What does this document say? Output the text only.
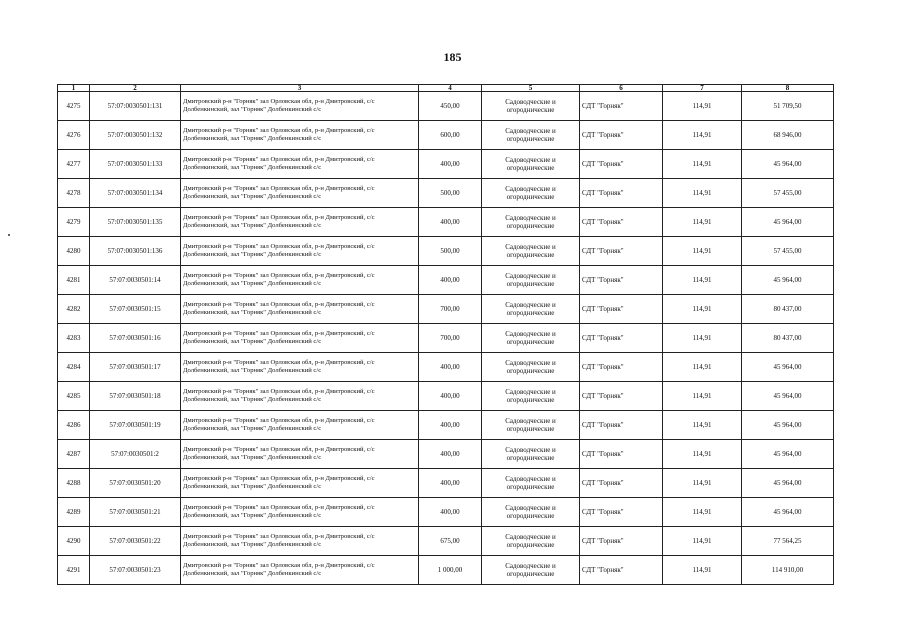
185
1	2	3	4	5	6	7	8
4275	57:07:0030501:131	Дмитровский р-н "Горняк" зал Орловская обл, р-н Дмитровский, с/с Долбенкинский, зал "Горняк" Долбенкинский с/с	450,00	Садоводческие и огороднические	СДТ "Горняк"	114,91	51 709,50
4276	57:07:0030501:132	Дмитровский р-н "Горняк" зал Орловская обл, р-н Дмитровский, с/с Долбенкинский, зал "Горняк" Долбенкинский с/с	600,00	Садоводческие и огороднические	СДТ "Горняк"	114,91	68 946,00
4277	57:07:0030501:133	Дмитровский р-н "Горняк" зал Орловская обл, р-н Дмитровский, с/с Долбенкинский, зал "Горняк" Долбенкинский с/с	400,00	Садоводческие и огороднические	СДТ "Горняк"	114,91	45 964,00
4278	57:07:0030501:134	Дмитровский р-н "Горняк" зал Орловская обл, р-н Дмитровский, с/с Долбенкинский, зал "Горняк" Долбенкинский с/с	500,00	Садоводческие и огороднические	СДТ "Горняк"	114,91	57 455,00
4279	57:07:0030501:135	Дмитровский р-н "Горняк" зал Орловская обл, р-н Дмитровский, с/с Долбенкинский, зал "Горняк" Долбенкинский с/с	400,00	Садоводческие и огороднические	СДТ "Горняк"	114,91	45 964,00
4280	57:07:0030501:136	Дмитровский р-н "Горняк" зал Орловская обл, р-н Дмитровский, с/с Долбенкинский, зал "Горняк" Долбенкинский с/с	500,00	Садоводческие и огороднические	СДТ "Горняк"	114,91	57 455,00
4281	57:07:0030501:14	Дмитровский р-н "Горняк" зал Орловская обл, р-н Дмитровский, с/с Долбенкинский, зал "Горняк" Долбенкинский с/с	400,00	Садоводческие и огороднические	СДТ "Горняк"	114,91	45 964,00
4282	57:07:0030501:15	Дмитровский р-н "Горняк" зал Орловская обл, р-н Дмитровский, с/с Долбенкинский, зал "Горняк" Долбенкинский с/с	700,00	Садоводческие и огороднические	СДТ "Горняк"	114,91	80 437,00
4283	57:07:0030501:16	Дмитровский р-н "Горняк" зал Орловская обл, р-н Дмитровский, с/с Долбенкинский, зал "Горняк" Долбенкинский с/с	700,00	Садоводческие и огороднические	СДТ "Горняк"	114,91	80 437,00
4284	57:07:0030501:17	Дмитровский р-н "Горняк" зал Орловская обл, р-н Дмитровский, с/с Долбенкинский, зал "Горняк" Долбенкинский с/с	400,00	Садоводческие и огороднические	СДТ "Горняк"	114,91	45 964,00
4285	57:07:0030501:18	Дмитровский р-н "Горняк" зал Орловская обл, р-н Дмитровский, с/с Долбенкинский, зал "Горняк" Долбенкинский с/с	400,00	Садоводческие и огороднические	СДТ "Горняк"	114,91	45 964,00
4286	57:07:0030501:19	Дмитровский р-н "Горняк" зал Орловская обл, р-н Дмитровский, с/с Долбенкинский, зал "Горняк" Долбенкинский с/с	400,00	Садоводческие и огороднические	СДТ "Горняк"	114,91	45 964,00
4287	57:07:0030501:2	Дмитровский р-н "Горняк" зал Орловская обл, р-н Дмитровский, с/с Долбенкинский, зал "Горняк" Долбенкинский с/с	400,00	Садоводческие и огороднические	СДТ "Горняк"	114,91	45 964,00
4288	57:07:0030501:20	Дмитровский р-н "Горняк" зал Орловская обл, р-н Дмитровский, с/с Долбенкинский, зал "Горняк" Долбенкинский с/с	400,00	Садоводческие и огороднические	СДТ "Горняк"	114,91	45 964,00
4289	57:07:0030501:21	Дмитровский р-н "Горняк" зал Орловская обл, р-н Дмитровский, с/с Долбенкинский, зал "Горняк" Долбенкинский с/с	400,00	Садоводческие и огороднические	СДТ "Горняк"	114,91	45 964,00
4290	57:07:0030501:22	Дмитровский р-н "Горняк" зал Орловская обл, р-н Дмитровский, с/с Долбенкинский, зал "Горняк" Долбенкинский с/с	675,00	Садоводческие и огороднические	СДТ "Горняк"	114,91	77 564,25
4291	57:07:0030501:23	Дмитровский р-н "Горняк" зал Орловская обл, р-н Дмитровский, с/с Долбенкинский, зал "Горняк" Долбенкинский с/с	1 000,00	Садоводческие и огороднические	СДТ "Горняк"	114,91	114 910,00
